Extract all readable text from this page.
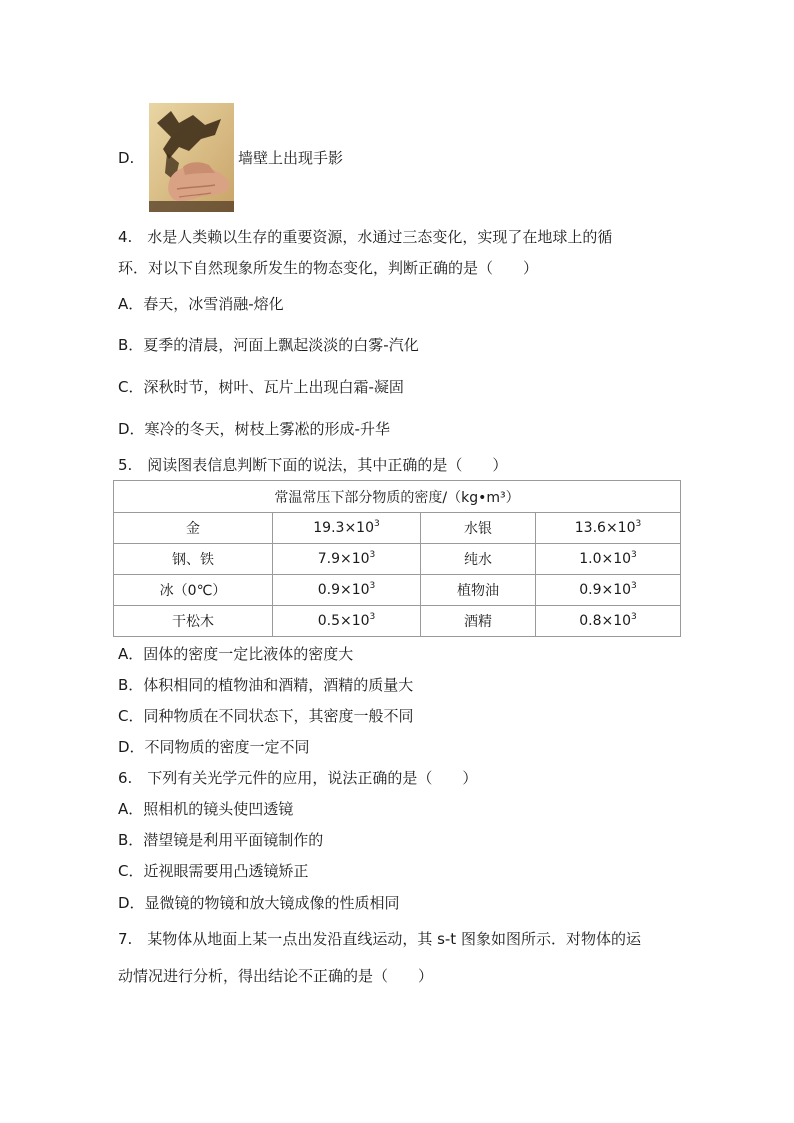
D.	墙壁上出现手影
4.　水是人类赖以生存的重要资源，水通过三态变化，实现了在地球上的循
环．对以下自然现象所发生的物态变化，判断正确的是（　　）
A．春天，冰雪消融-熔化
B．夏季的清晨，河面上飘起淡淡的白雾-汽化
C．深秋时节，树叶、瓦片上出现白霜-凝固
D．寒冷的冬天，树枝上雾凇的形成-升华
5.　阅读图表信息判断下面的说法，其中正确的是（　　）
常温常压下部分物质的密度/（kg•m³）			
金	$19.3\times 10^3$	水银	$13.6\times 10^3$
钢、铁	$7.9\times 10^3$	纯水	$1.0\times 10^3$
冰（0℃）	$0.9\times 10^3$	植物油	$0.9\times 10^3$
干松木	$0.5\times 10^3$	酒精	$0.8\times 10^3$
A．固体的密度一定比液体的密度大
B．体积相同的植物油和酒精，酒精的质量大
C．同种物质在不同状态下，其密度一般不同
D．不同物质的密度一定不同
6.　下列有关光学元件的应用，说法正确的是（　　）
A．照相机的镜头使凹透镜
B．潜望镜是利用平面镜制作的
C．近视眼需要用凸透镜矫正
D．显微镜的物镜和放大镜成像的性质相同
7.　某物体从地面上某一点出发沿直线运动，其 s-t 图象如图所示．对物体的运
动情况进行分析，得出结论不正确的是（　　）
